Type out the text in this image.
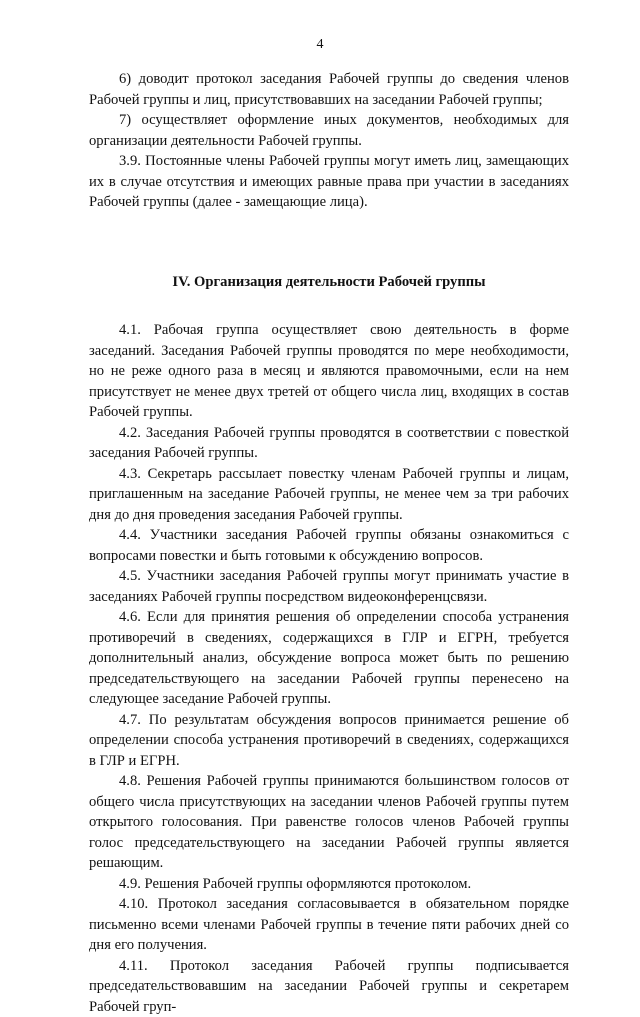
4

6) доводит протокол заседания Рабочей группы до сведения членов Рабочей группы и лиц, присутствовавших на заседании Рабочей группы;

7) осуществляет оформление иных документов, необходимых для организации деятельности Рабочей группы.

3.9. Постоянные члены Рабочей группы могут иметь лиц, замещающих их в случае отсутствия и имеющих равные права при участии в заседаниях Рабочей группы (далее - замещающие лица).

IV. Организация деятельности Рабочей группы

4.1. Рабочая группа осуществляет свою деятельность в форме заседаний. Заседания Рабочей группы проводятся по мере необходимости, но не реже одного раза в месяц и являются правомочными, если на нем присутствует не менее двух третей от общего числа лиц, входящих в состав Рабочей группы.

4.2. Заседания Рабочей группы проводятся в соответствии с повесткой заседания Рабочей группы.

4.3. Секретарь рассылает повестку членам Рабочей группы и лицам, приглашенным на заседание Рабочей группы, не менее чем за три рабочих дня до дня проведения заседания Рабочей группы.

4.4. Участники заседания Рабочей группы обязаны ознакомиться с вопросами повестки и быть готовыми к обсуждению вопросов.

4.5. Участники заседания Рабочей группы могут принимать участие в заседаниях Рабочей группы посредством видеоконференцсвязи.

4.6. Если для принятия решения об определении способа устранения противоречий в сведениях, содержащихся в ГЛР и ЕГРН, требуется дополнительный анализ, обсуждение вопроса может быть по решению председательствующего на заседании Рабочей группы перенесено на следующее заседание Рабочей группы.

4.7. По результатам обсуждения вопросов принимается решение об определении способа устранения противоречий в сведениях, содержащихся в ГЛР и ЕГРН.

4.8. Решения Рабочей группы принимаются большинством голосов от общего числа присутствующих на заседании членов Рабочей группы путем открытого голосования. При равенстве голосов членов Рабочей группы голос председательствующего на заседании Рабочей группы является решающим.

4.9. Решения Рабочей группы оформляются протоколом.

4.10. Протокол заседания согласовывается в обязательном порядке письменно всеми членами Рабочей группы в течение пяти рабочих дней со дня его получения.

4.11. Протокол заседания Рабочей группы подписывается председательствовавшим на заседании Рабочей группы и секретарем Рабочей груп-
